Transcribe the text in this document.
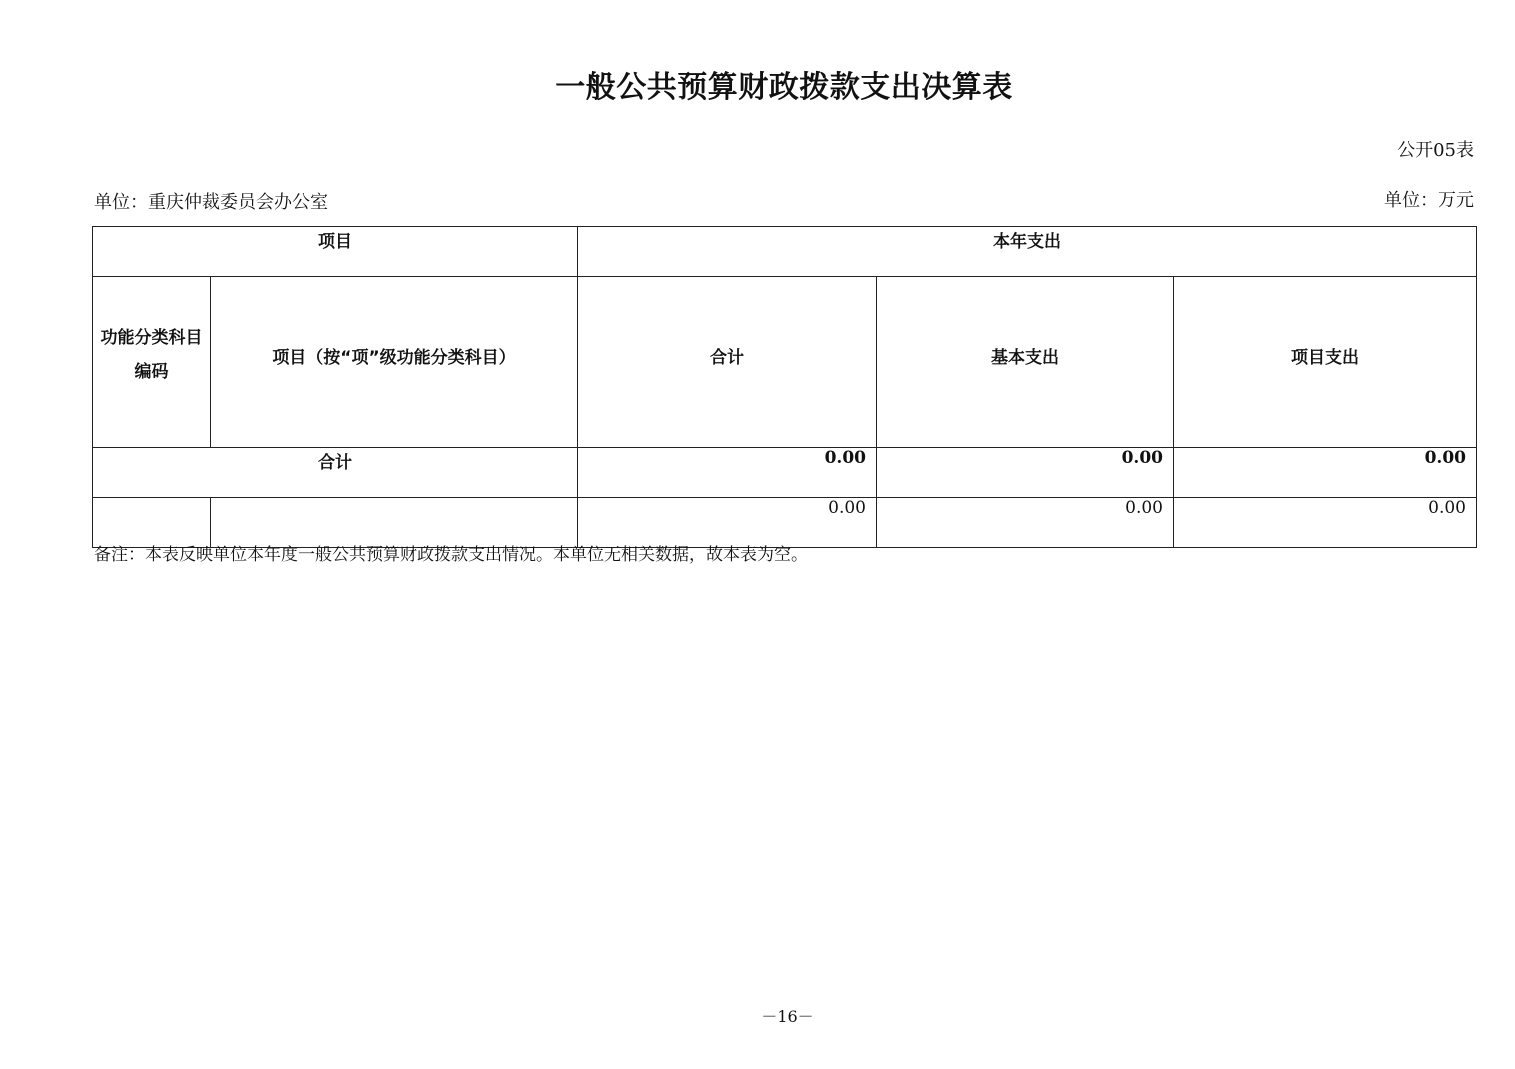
一般公共预算财政拨款支出决算表
公开05表
单位：重庆仲裁委员会办公室	单位：万元
项目		本年支出		

功能分类科目
编码	项目（按“项”级功能分类科目）	合计	基本支出	项目支出
合计		0.00	0.00	0.00
		0.00	0.00	0.00
备注：本表反映单位本年度一般公共预算财政拨款支出情况。本单位无相关数据，故本表为空。
－16－
